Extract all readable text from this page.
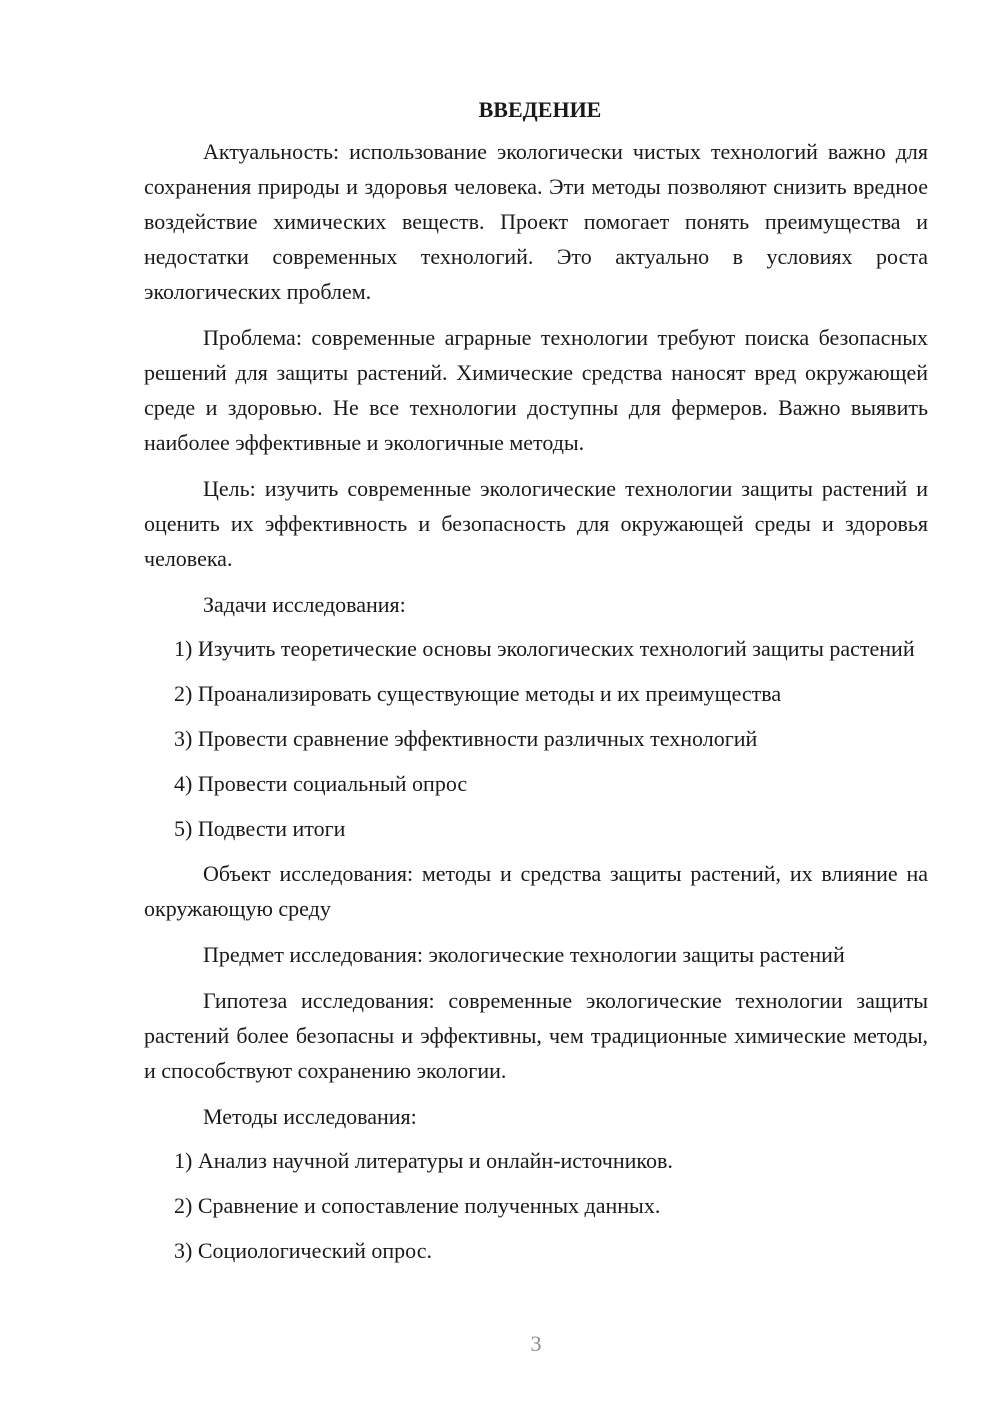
ВВЕДЕНИЕ

Актуальность: использование экологически чистых технологий важно для сохранения природы и здоровья человека. Эти методы позволяют снизить вредное воздействие химических веществ. Проект помогает понять преимущества и недостатки современных технологий. Это актуально в условиях роста экологических проблем.

Проблема: современные аграрные технологии требуют поиска безопасных решений для защиты растений. Химические средства наносят вред окружающей среде и здоровью. Не все технологии доступны для фермеров. Важно выявить наиболее эффективные и экологичные методы.

Цель: изучить современные экологические технологии защиты растений и оценить их эффективность и безопасность для окружающей среды и здоровья человека.

Задачи исследования:

1) Изучить теоретические основы экологических технологий защиты растений

2) Проанализировать существующие методы и их преимущества

3) Провести сравнение эффективности различных технологий

4) Провести социальный опрос

5) Подвести итоги

Объект исследования: методы и средства защиты растений, их влияние на окружающую среду

Предмет исследования: экологические технологии защиты растений

Гипотеза исследования: современные экологические технологии защиты растений более безопасны и эффективны, чем традиционные химические методы, и способствуют сохранению экологии.

Методы исследования:

1) Анализ научной литературы и онлайн-источников.

2) Сравнение и сопоставление полученных данных.

3) Социологический опрос.

3
